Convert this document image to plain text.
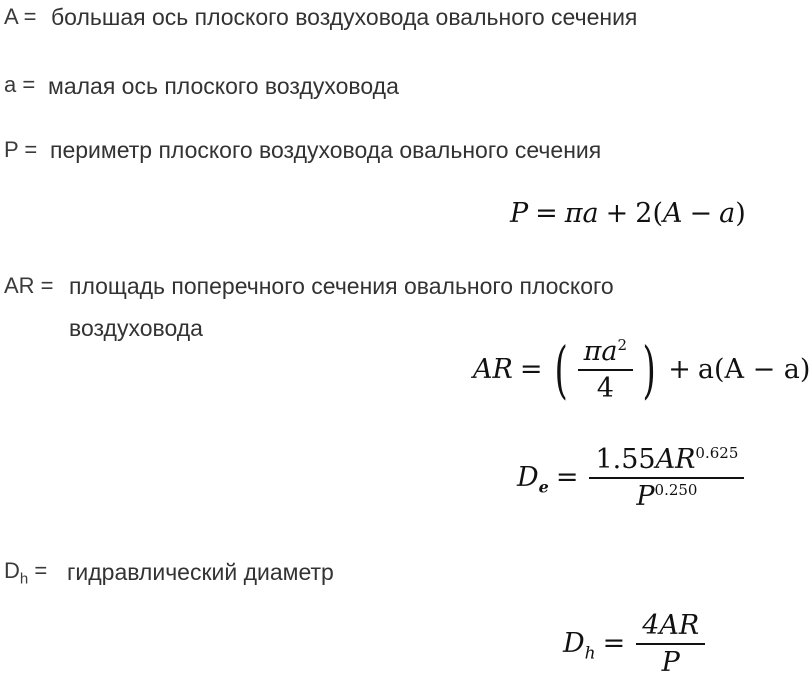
A = большая ось плоского воздуховода овального сечения
a = малая ось плоского воздуховода
P = периметр плоского воздуховода овального сечения
P = πa + 2( A − a )
AR = площадь поперечного сечения овального плоского
воздуховода
AR = ( $\frac{\pi a^2}{4}$ ) + a(A − a)
$D_e = \frac{1.55AR^{0.625}}{P^{0.250}}$
$D_h$ = гидравлический диаметр
$D_h = \frac{4AR}{P}$
